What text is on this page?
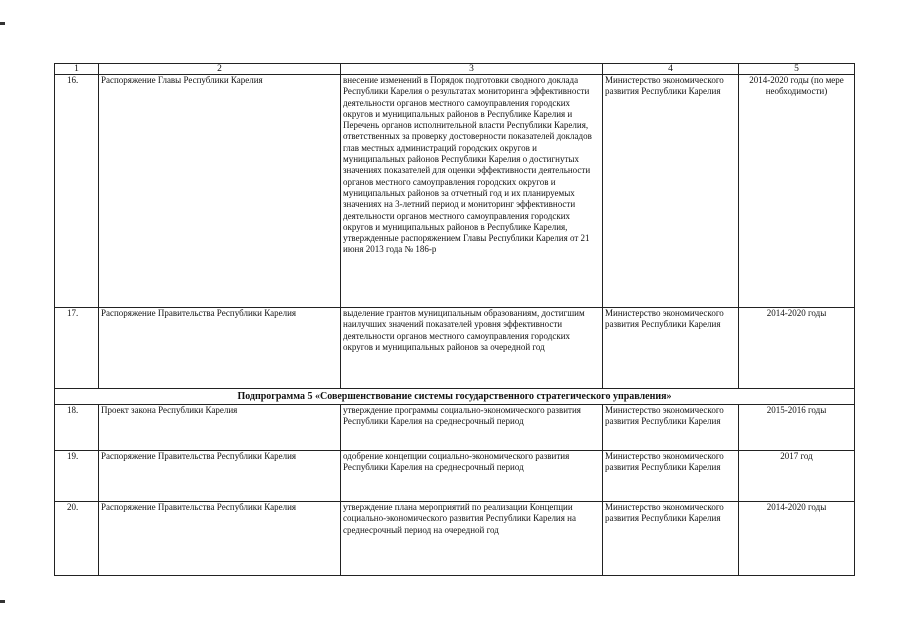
1	2	3	4	5
16.	Распоряжение Главы Республики Карелия	внесение изменений в Порядок подготовки сводного доклада Республики Карелия о результатах мониторинга эффективности деятельности органов местного самоуправления городских округов и муниципальных районов в Республике Карелия и Перечень органов исполнительной власти Республики Карелия, ответственных за проверку достоверности показателей докладов глав местных администраций городских округов и муниципальных районов Республики Карелия о достигнутых значениях показателей для оценки эффективности деятельности органов местного самоуправления городских округов и муниципальных районов за отчетный год и их планируемых значениях на 3-летний период и мониторинг эффективности деятельности органов местного самоуправления городских округов и муниципальных районов в Республике Карелия, утвержденные распоряжением Главы Республики Карелия от 21 июня 2013 года № 186-р	Министерство экономического развития Республики Карелия	2014-2020 годы (по мере необходимости)
17.	Распоряжение Правительства Республики Карелия	выделение грантов муниципальным образованиям, достигшим наилучших значений показателей уровня эффективности деятельности органов местного самоуправления городских округов и муниципальных районов за очередной год	Министерство экономического развития Республики Карелия	2014-2020 годы
Подпрограмма 5 «Совершенствование системы государственного стратегического управления»				
18.	Проект закона Республики Карелия	утверждение программы социально-экономического развития Республики Карелия на среднесрочный период	Министерство экономического развития Республики Карелия	2015-2016 годы
19.	Распоряжение Правительства Республики Карелия	одобрение концепции социально-экономического развития Республики Карелия на среднесрочный период	Министерство экономического развития Республики Карелия	2017 год
20.	Распоряжение Правительства Республики Карелия	утверждение плана мероприятий по реализации Концепции социально-экономического развития Республики Карелия на среднесрочный период на очередной год	Министерство экономического развития Республики Карелия	2014-2020 годы
